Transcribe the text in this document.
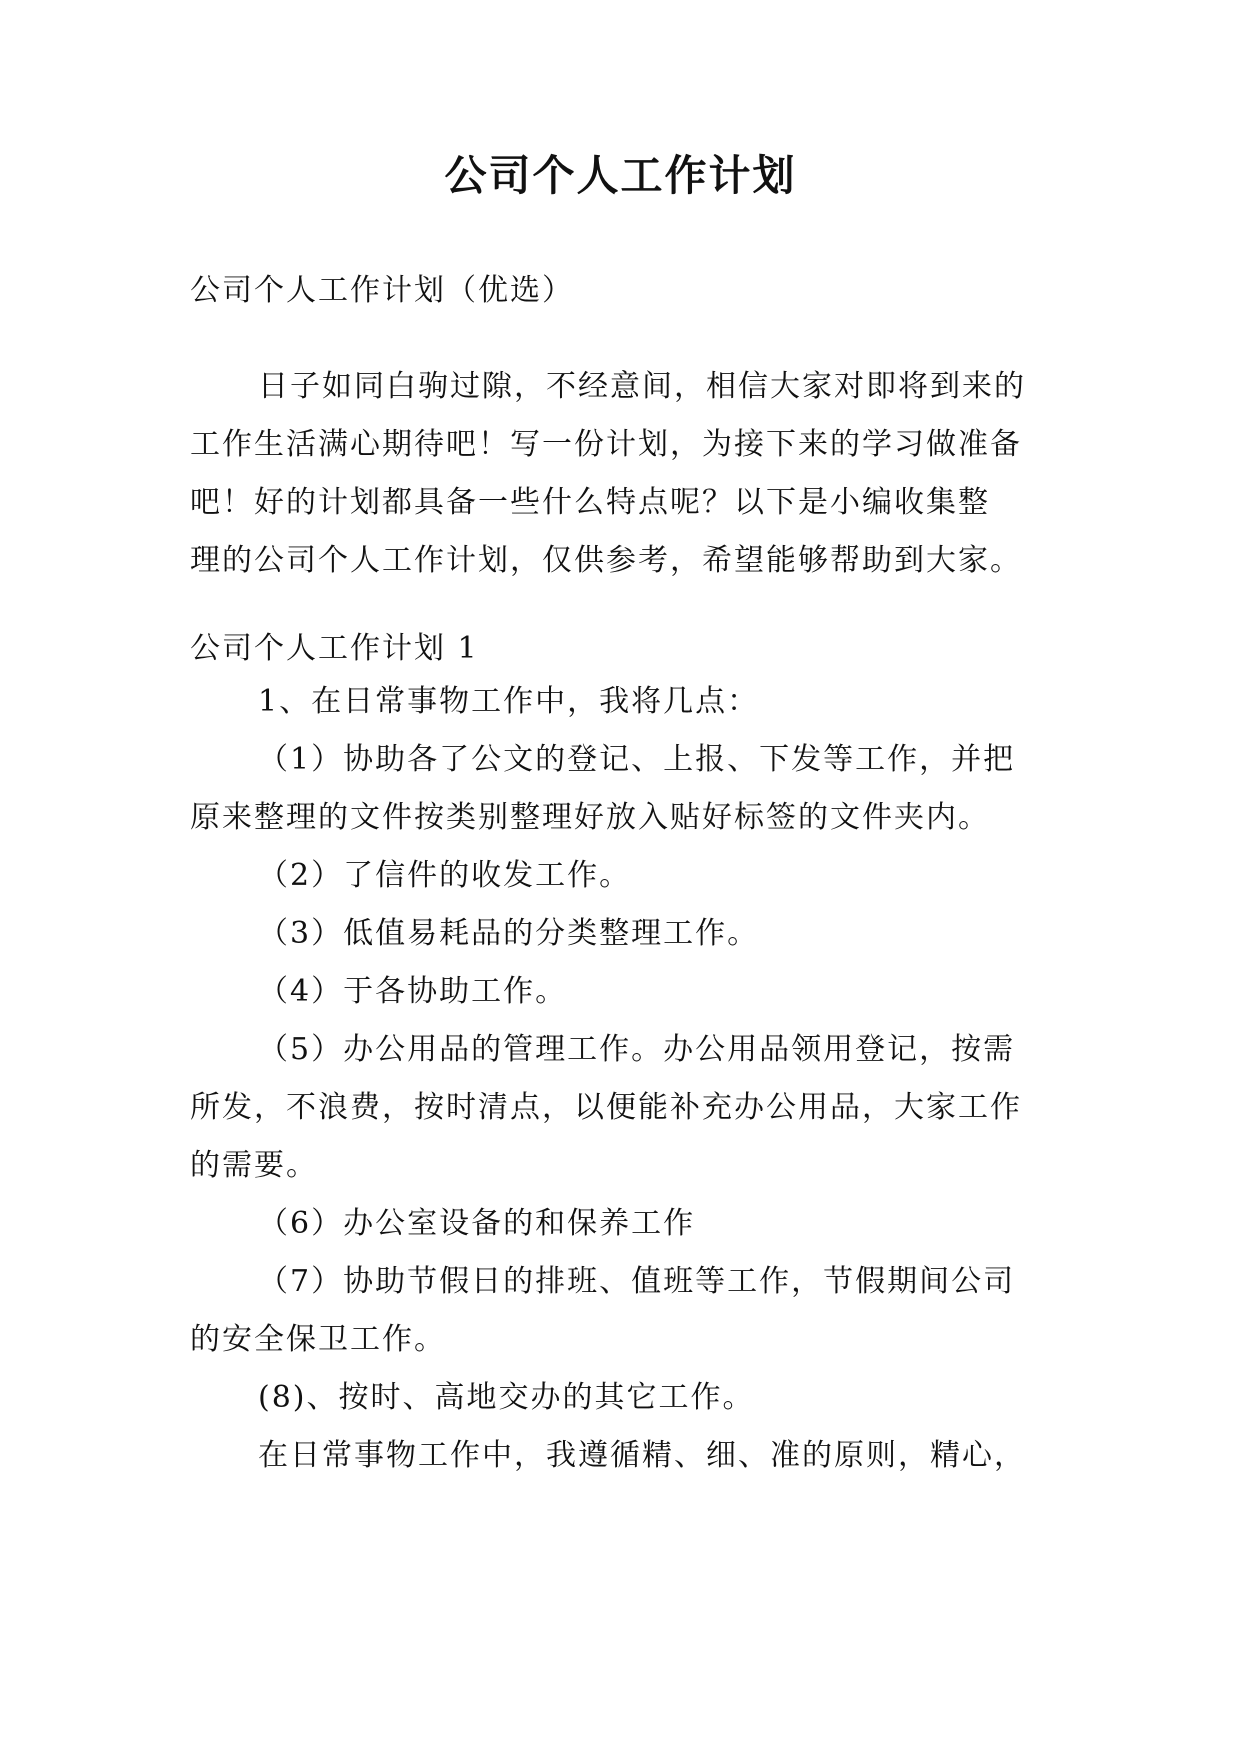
公司个人工作计划
公司个人工作计划（优选）
日子如同白驹过隙，不经意间，相信大家对即将到来的
工作生活满心期待吧！写一份计划，为接下来的学习做准备
吧！好的计划都具备一些什么特点呢？以下是小编收集整
理的公司个人工作计划，仅供参考，希望能够帮助到大家。
公司个人工作计划 1
1、在日常事物工作中，我将几点：
（1）协助各了公文的登记、上报、下发等工作，并把
原来整理的文件按类别整理好放入贴好标签的文件夹内。
（2）了信件的收发工作。
（3）低值易耗品的分类整理工作。
（4）于各协助工作。
（5）办公用品的管理工作。办公用品领用登记，按需
所发，不浪费，按时清点，以便能补充办公用品，大家工作
的需要。
（6）办公室设备的和保养工作
（7）协助节假日的排班、值班等工作，节假期间公司
的安全保卫工作。
(8)、按时、高地交办的其它工作。
在日常事物工作中，我遵循精、细、准的原则，精心，
